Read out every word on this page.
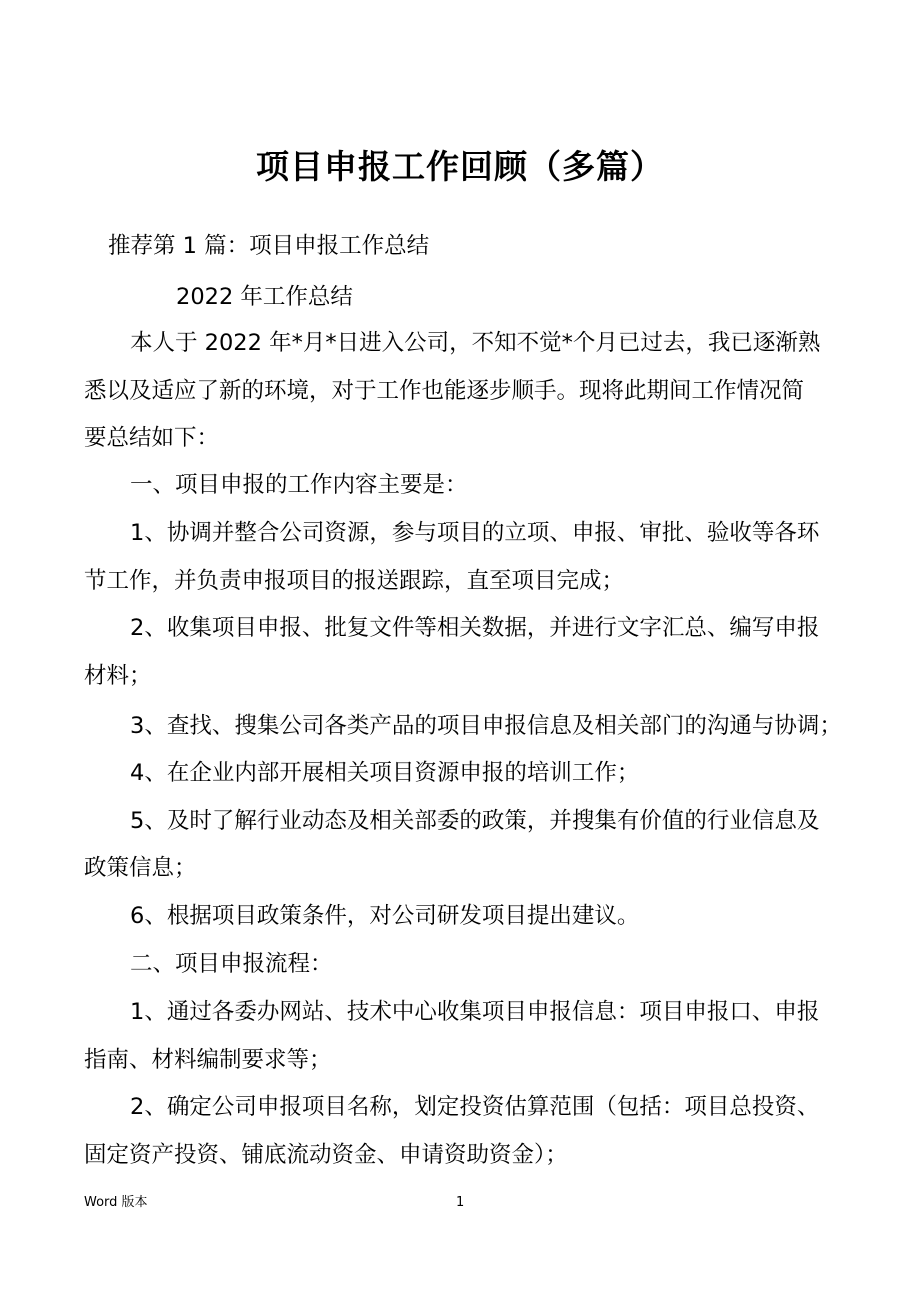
项目申报工作回顾（多篇）
推荐第 1 篇：项目申报工作总结
2022 年工作总结
本人于 2022 年*月*日进入公司，不知不觉*个月已过去，我已逐渐熟
悉以及适应了新的环境，对于工作也能逐步顺手。现将此期间工作情况简
要总结如下：
一、项目申报的工作内容主要是：
1、协调并整合公司资源，参与项目的立项、申报、审批、验收等各环
节工作，并负责申报项目的报送跟踪，直至项目完成；
2、收集项目申报、批复文件等相关数据，并进行文字汇总、编写申报
材料；
3、查找、搜集公司各类产品的项目申报信息及相关部门的沟通与协调；
4、在企业内部开展相关项目资源申报的培训工作；
5、及时了解行业动态及相关部委的政策，并搜集有价值的行业信息及
政策信息；
6、根据项目政策条件，对公司研发项目提出建议。
二、项目申报流程：
1、通过各委办网站、技术中心收集项目申报信息：项目申报口、申报
指南、材料编制要求等；
2、确定公司申报项目名称，划定投资估算范围（包括：项目总投资、
固定资产投资、铺底流动资金、申请资助资金）；
Word 版本	1
